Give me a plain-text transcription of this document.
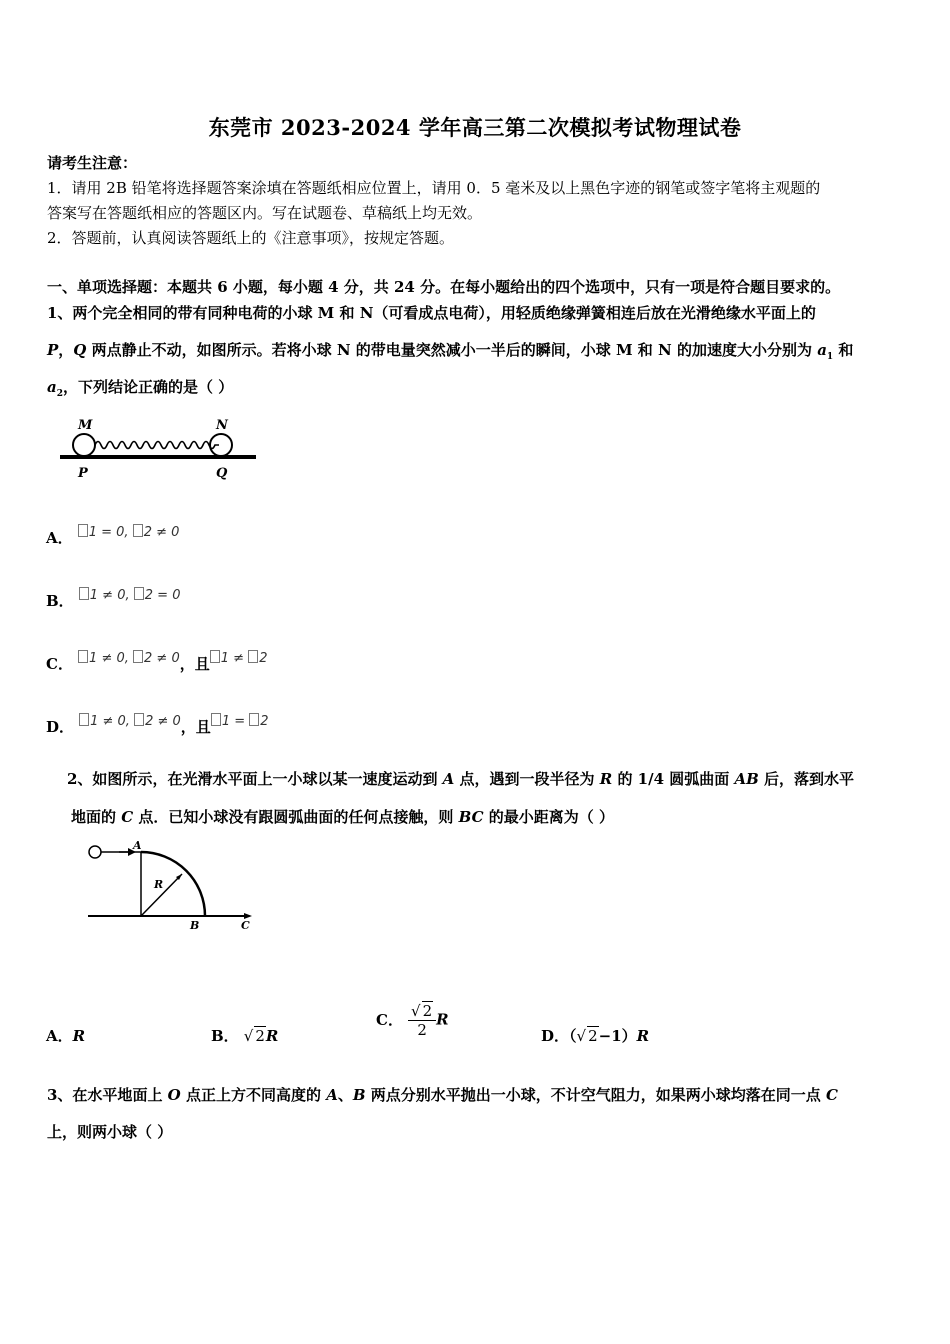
东莞市 2023-2024 学年高三第二次模拟考试物理试卷
请考生注意：
1．请用 2B 铅笔将选择题答案涂填在答题纸相应位置上，请用 0．5 毫米及以上黑色字迹的钢笔或签字笔将主观题的
答案写在答题纸相应的答题区内。写在试题卷、草稿纸上均无效。
2．答题前，认真阅读答题纸上的《注意事项》，按规定答题。
一、单项选择题：本题共 6 小题，每小题 4 分，共 24 分。在每小题给出的四个选项中，只有一项是符合题目要求的。
1、两个完全相同的带有同种电荷的小球 M 和 N（可看成点电荷），用轻质绝缘弹簧相连后放在光滑绝缘水平面上的
P，Q 两点静止不动，如图所示。若将小球 N 的带电量突然减小一半后的瞬间，小球 M 和 N 的加速度大小分别为 $a_1$ 和
$a_2$，下列结论正确的是（ ）
M	N
P	Q
A． $^{1 = 0, 2 \ne 0}$
B． $^{1 \ne 0, 2 = 0}$
C． $^{1 \ne 0, 2 \ne 0}$，且 $^{1 \ne 2}$
D． $^{1 \ne 0, 2 \ne 0}$，且 $^{1 = 2}$
2、如图所示，在光滑水平面上一小球以某一速度运动到 A 点，遇到一段半径为 R 的 1/4 圆弧曲面 AB 后，落到水平
地面的 C 点．已知小球没有跟圆弧曲面的任何点接触，则 BC 的最小距离为（ ）
A
R
B	C
A．R	B． √ 2R
C． $\frac{√ 2}{2}$ R
D．（√ 2−1）R
3、在水平地面上 O 点正上方不同高度的 A、B 两点分别水平抛出一小球，不计空气阻力，如果两小球均落在同一点 C
上，则两小球（ ）
